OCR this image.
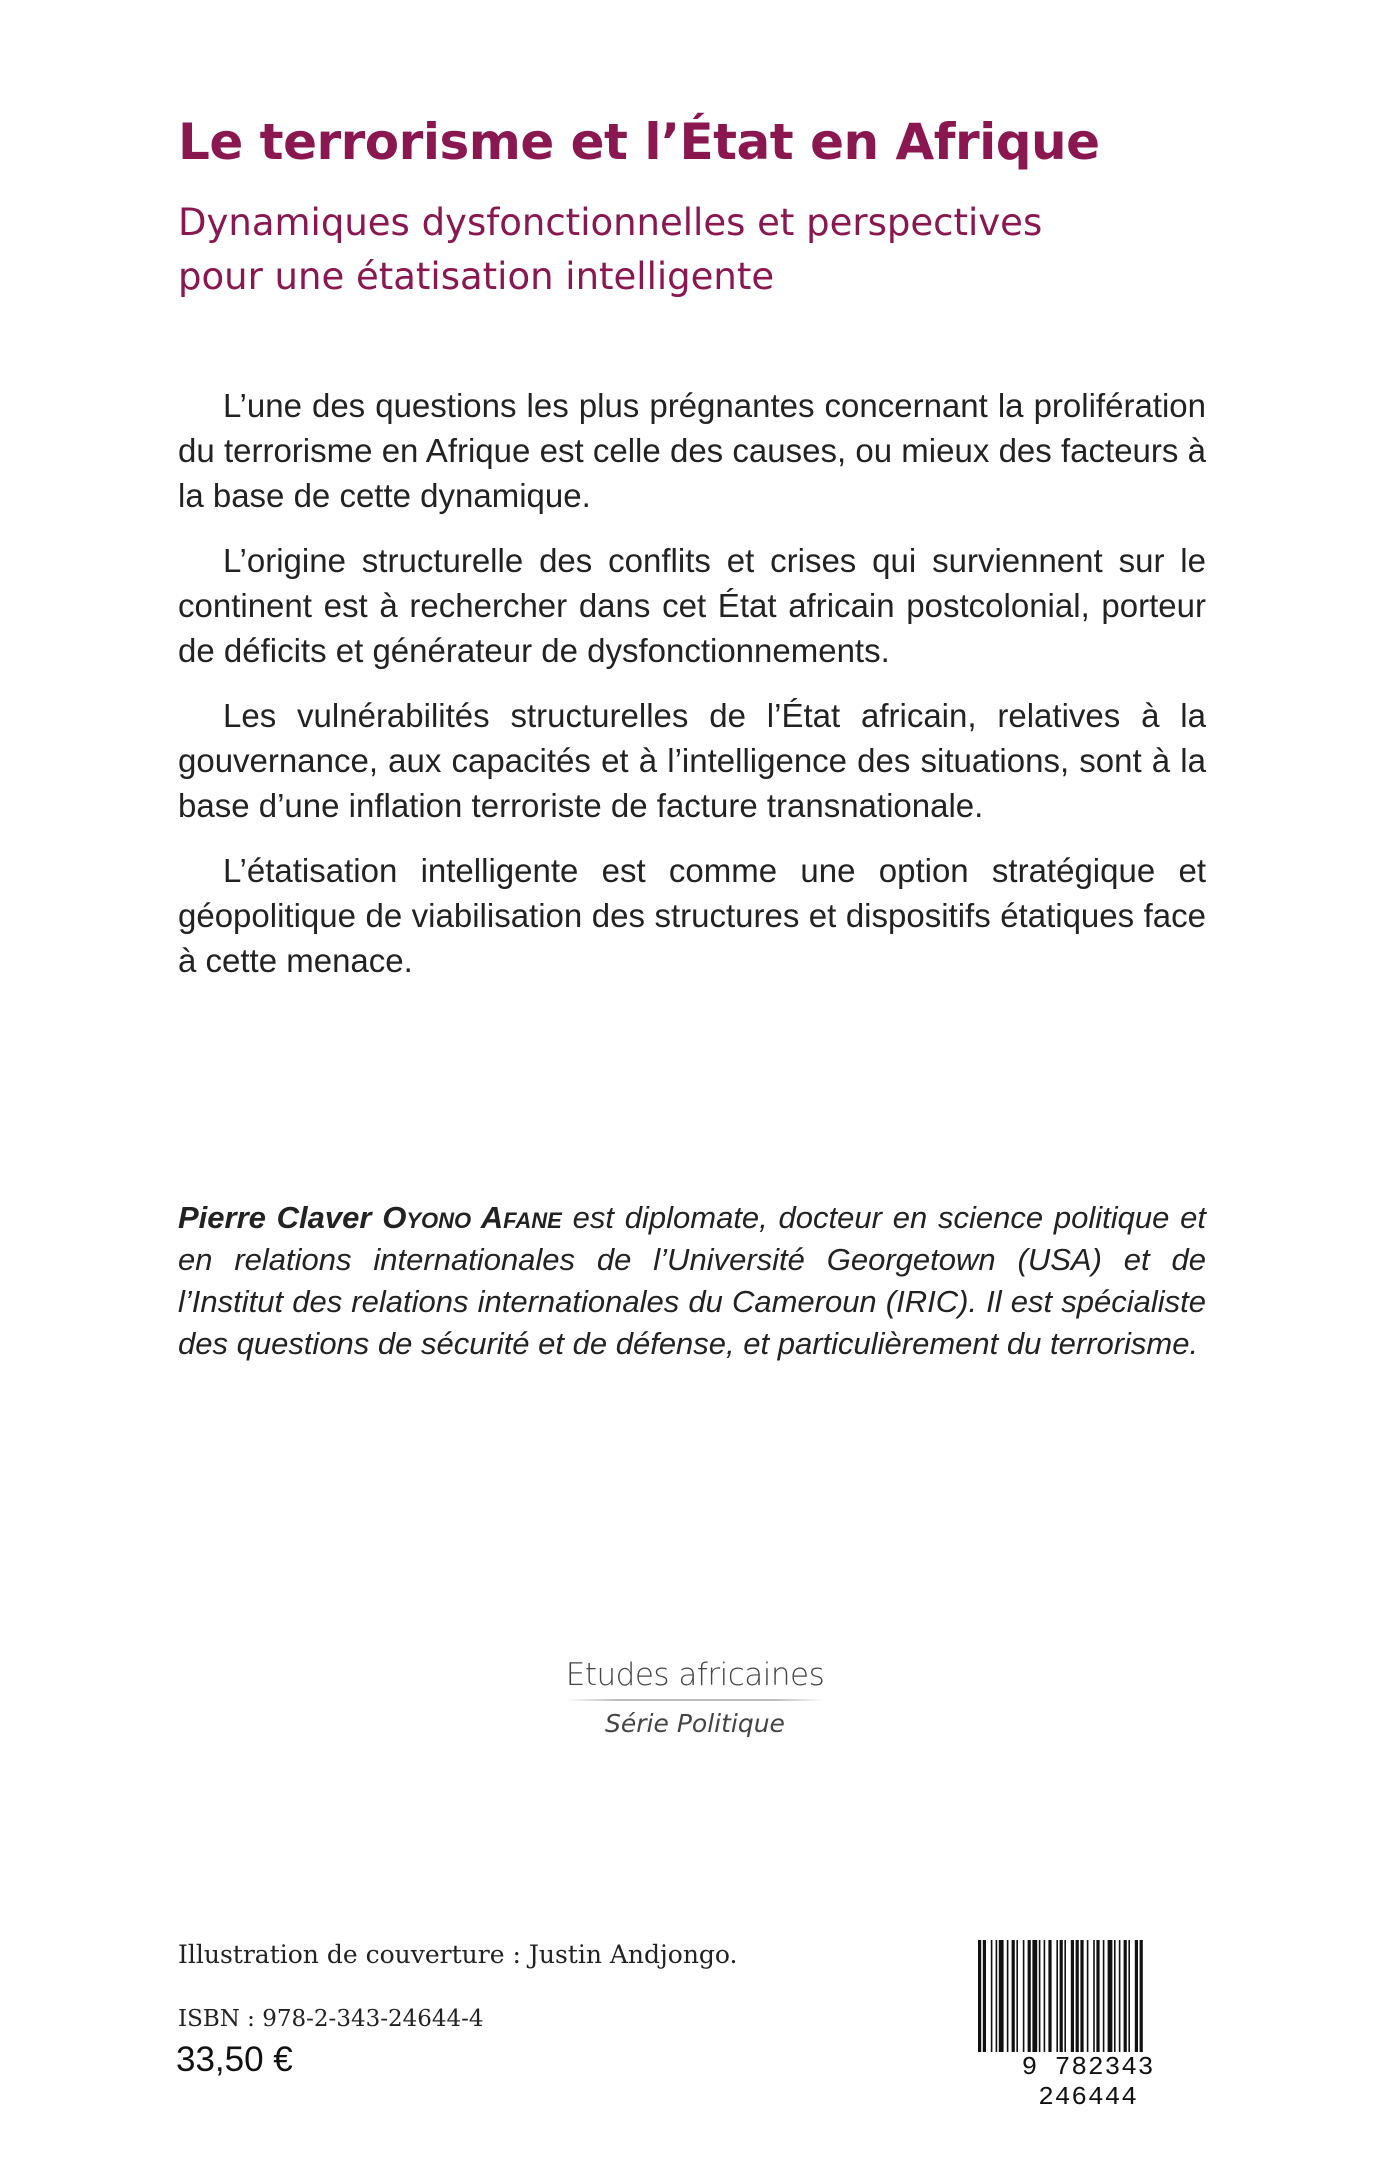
Le terrorisme et l’État en Afrique
Dynamiques dysfonctionnelles et perspectives
pour une étatisation intelligente

L’une des questions les plus prégnantes concernant la prolifération du terrorisme en Afrique est celle des causes, ou mieux des facteurs à la base de cette dynamique.

L’origine structurelle des conflits et crises qui surviennent sur le continent est à rechercher dans cet État africain postcolonial, porteur de déficits et générateur de dysfonctionnements.

Les vulnérabilités structurelles de l’État africain, relatives à la gouvernance, aux capacités et à l’intelligence des situations, sont à la base d’une inflation terroriste de facture transnationale.

L’étatisation intelligente est comme une option stratégique et géopolitique de viabilisation des structures et dispositifs étatiques face à cette menace.

Pierre Claver Oyono Afane est diplomate, docteur en science politique et en relations internationales de l’Université Georgetown (USA) et de l’Institut des relations internationales du Cameroun (IRIC). Il est spécialiste des questions de sécurité et de défense, et particulièrement du terrorisme.

Etudes africaines
Série Politique
Illustration de couverture : Justin Andjongo.
ISBN : 978-2-343-24644-4
33,50 €	9 782343 246444
